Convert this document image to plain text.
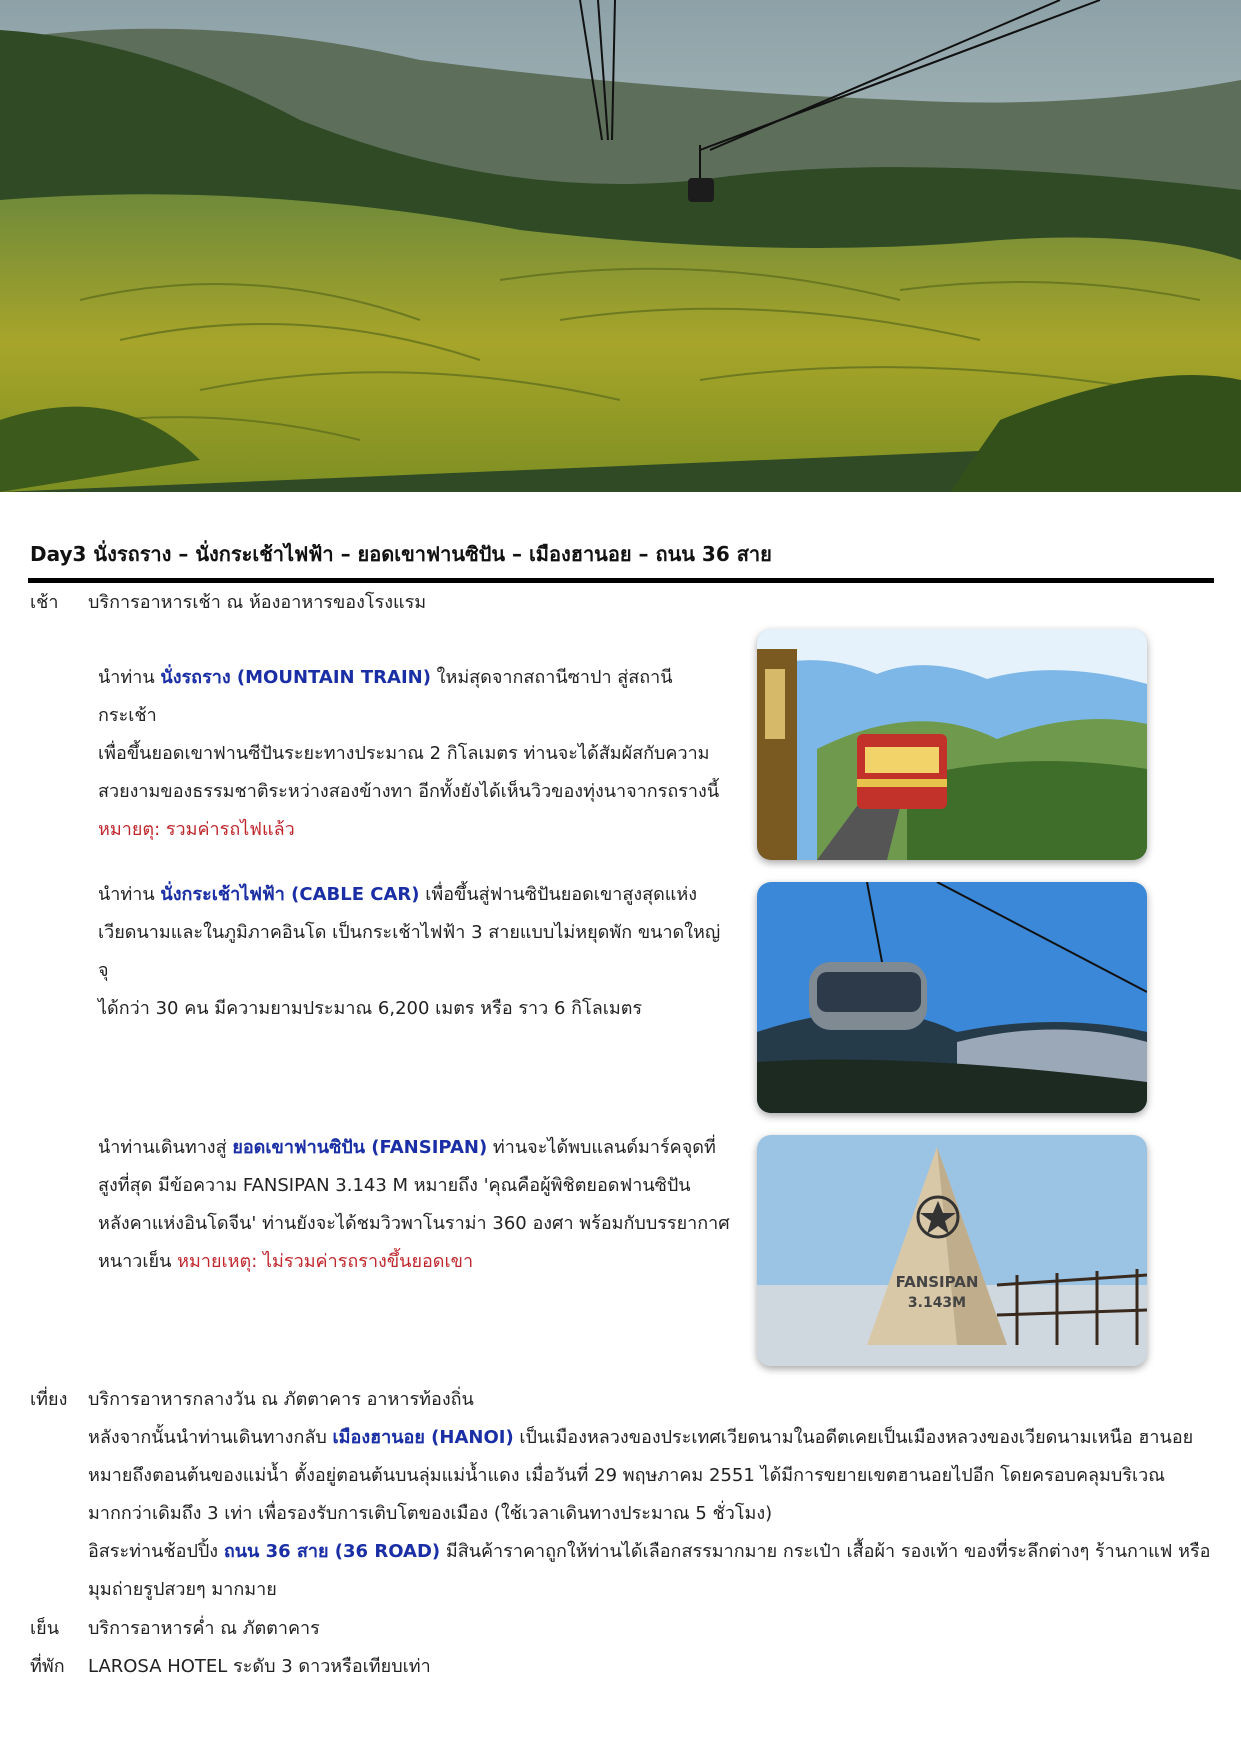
Day3 นั่งรถราง – นั่งกระเช้าไฟฟ้า – ยอดเขาฟานซิปัน – เมืองฮานอย – ถนน 36 สาย
เช้า บริการอาหารเช้า ณ ห้องอาหารของโรงแรม

นำท่าน นั่งรถราง (MOUNTAIN TRAIN) ใหม่สุดจากสถานีซาปา สู่สถานีกระเช้า
เพื่อขึ้นยอดเขาฟานซีปันระยะทางประมาณ 2 กิโลเมตร ท่านจะได้สัมผัสกับความ
สวยงามของธรรมชาติระหว่างสองข้างทา อีกทั้งยังได้เห็นวิวของทุ่งนาจากรถรางนี้
หมายตุ: รวมค่ารถไฟแล้ว

นำท่าน นั่งกระเช้าไฟฟ้า (CABLE CAR) เพื่อขึ้นสู่ฟานซิปันยอดเขาสูงสุดแห่ง
เวียดนามและในภูมิภาคอินโด เป็นกระเช้าไฟฟ้า 3 สายแบบไม่หยุดพัก ขนาดใหญ่จุ
ได้กว่า 30 คน มีความยามประมาณ 6,200 เมตร หรือ ราว 6 กิโลเมตร

นำท่านเดินทางสู่ ยอดเขาฟานซิปัน (FANSIPAN) ท่านจะได้พบแลนด์มาร์คจุดที่
สูงที่สุด มีข้อความ FANSIPAN 3.143 M หมายถึง 'คุณคือผู้พิชิตยอดฟานซิปัน
หลังคาแห่งอินโดจีน' ท่านยังจะได้ชมวิวพาโนราม่า 360 องศา พร้อมกับบรรยากาศ
หนาวเย็น หมายเหตุ: ไม่รวมค่ารถรางขึ้นยอดเขา

FANSIPAN
3.143M
เที่ยง บริการอาหารกลางวัน ณ ภัตตาคาร อาหารท้องถิ่น

หลังจากนั้นนำท่านเดินทางกลับ เมืองฮานอย (HANOI) เป็นเมืองหลวงของประเทศเวียดนามในอดีตเคยเป็นเมืองหลวงของเวียดนามเหนือ ฮานอย
หมายถึงตอนต้นของแม่น้ำ ตั้งอยู่ตอนต้นบนลุ่มแม่น้ำแดง เมื่อวันที่ 29 พฤษภาคม 2551 ได้มีการขยายเขตฮานอยไปอีก โดยครอบคลุมบริเวณ
มากกว่าเดิมถึง 3 เท่า เพื่อรองรับการเติบโตของเมือง (ใช้เวลาเดินทางประมาณ 5 ชั่วโมง)
อิสระท่านช้อปปิ้ง ถนน 36 สาย (36 ROAD) มีสินค้าราคาถูกให้ท่านได้เลือกสรรมากมาย กระเป๋า เสื้อผ้า รองเท้า ของที่ระลึกต่างๆ ร้านกาแฟ หรือ
มุมถ่ายรูปสวยๆ มากมาย

เย็น บริการอาหารค่ำ ณ ภัตตาคาร
ที่พัก LAROSA HOTEL ระดับ 3 ดาวหรือเทียบเท่า
